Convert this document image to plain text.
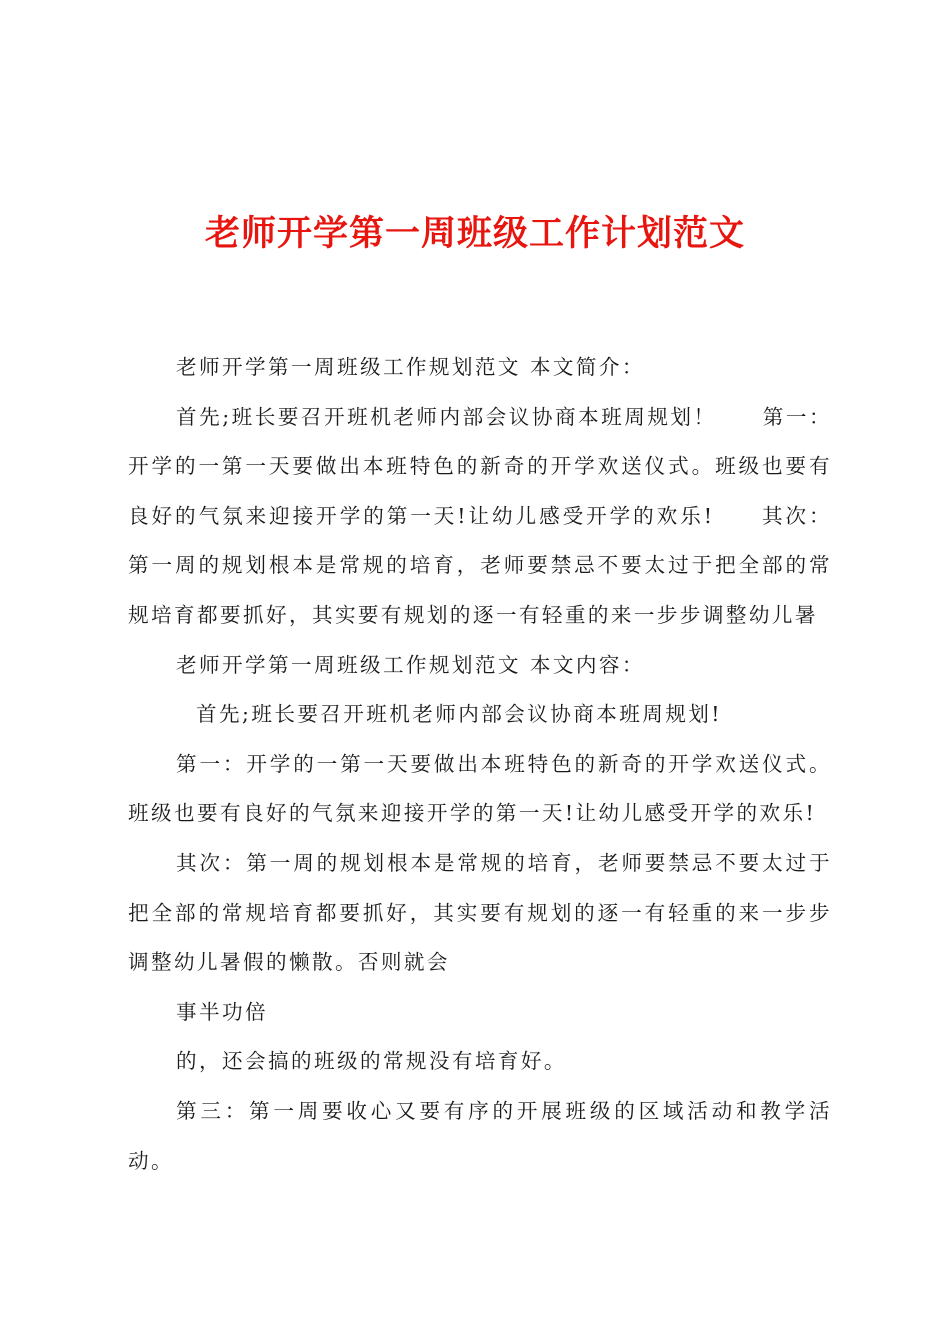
老师开学第一周班级工作计划范文

老师开学第一周班级工作规划范文 本文简介：

首先;班长要召开班机老师内部会议协商本班周规划！　　第一：开学的一第一天要做出本班特色的新奇的开学欢送仪式。班级也要有良好的气氛来迎接开学的第一天!让幼儿感受开学的欢乐!　　其次：第一周的规划根本是常规的培育，老师要禁忌不要太过于把全部的常规培育都要抓好，其实要有规划的逐一有轻重的来一步步调整幼儿暑

老师开学第一周班级工作规划范文 本文内容：

首先;班长要召开班机老师内部会议协商本班周规划!

第一：开学的一第一天要做出本班特色的新奇的开学欢送仪式。班级也要有良好的气氛来迎接开学的第一天!让幼儿感受开学的欢乐!

其次：第一周的规划根本是常规的培育，老师要禁忌不要太过于把全部的常规培育都要抓好，其实要有规划的逐一有轻重的来一步步调整幼儿暑假的懒散。否则就会

事半功倍

的，还会搞的班级的常规没有培育好。

第三：第一周要收心又要有序的开展班级的区域活动和教学活动。
